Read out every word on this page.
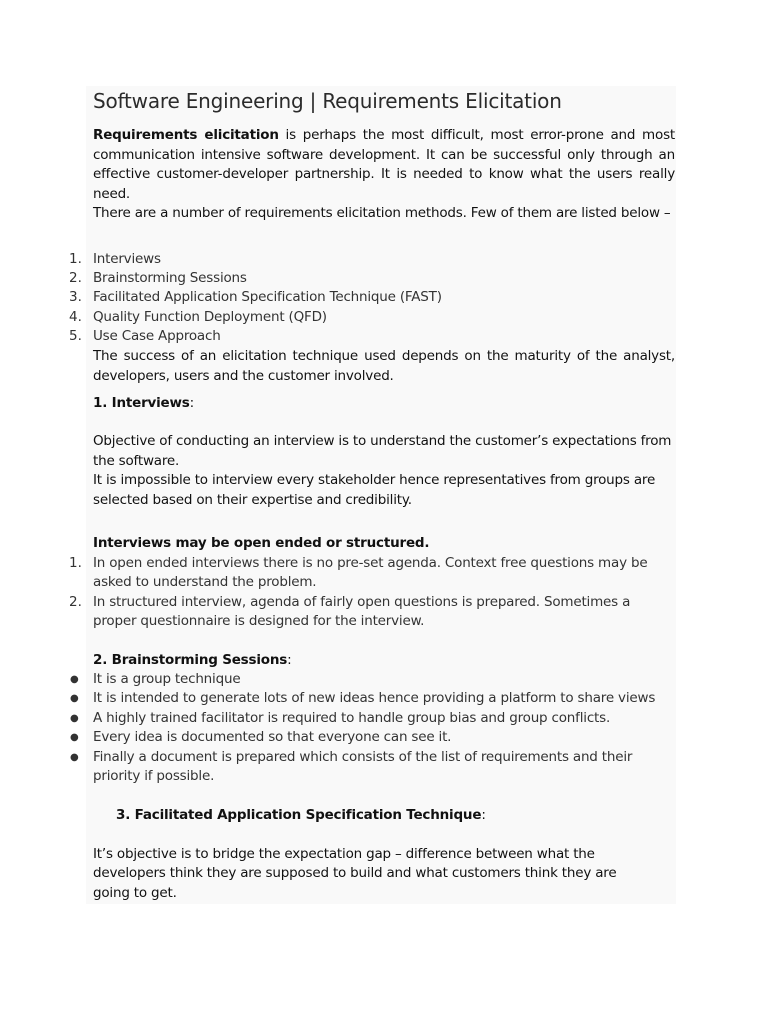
Software Engineering | Requirements Elicitation
Requirements elicitation is perhaps the most difficult, most error-prone and most communication intensive software development. It can be successful only through an effective customer-developer partnership. It is needed to know what the users really need.
There are a number of requirements elicitation methods. Few of them are listed below –
1. Interviews
2. Brainstorming Sessions
3. Facilitated Application Specification Technique (FAST)
4. Quality Function Deployment (QFD)
5. Use Case Approach
The success of an elicitation technique used depends on the maturity of the analyst, developers, users and the customer involved.
1. Interviews:
Objective of conducting an interview is to understand the customer’s expectations from the software.
It is impossible to interview every stakeholder hence representatives from groups are selected based on their expertise and credibility.
Interviews may be open ended or structured.
1. In open ended interviews there is no pre-set agenda. Context free questions may be
asked to understand the problem.
2. In structured interview, agenda of fairly open questions is prepared. Sometimes a
proper questionnaire is designed for the interview.
2. Brainstorming Sessions:
● It is a group technique
● It is intended to generate lots of new ideas hence providing a platform to share views
● A highly trained facilitator is required to handle group bias and group conflicts.
● Every idea is documented so that everyone can see it.
● Finally a document is prepared which consists of the list of requirements and their
priority if possible.
3. Facilitated Application Specification Technique:
It’s objective is to bridge the expectation gap – difference between what the
developers think they are supposed to build and what customers think they are
going to get.
